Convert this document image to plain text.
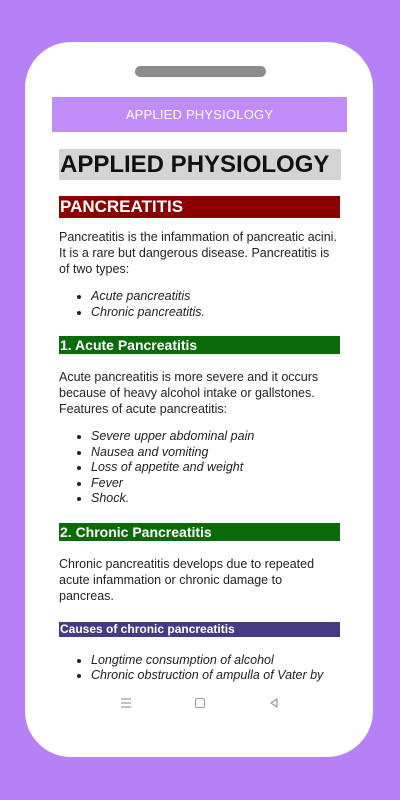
APPLIED PHYSIOLOGY
APPLIED PHYSIOLOGY
PANCREATITIS

Pancreatitis is the infammation of pancreatic acini. It is a rare but dangerous disease. Pancreatitis is of two types:

• Acute pancreatitis
• Chronic pancreatitis.
1. Acute Pancreatitis

Acute pancreatitis is more severe and it occurs because of heavy alcohol intake or gallstones. Features of acute pancreatitis:

• Severe upper abdominal pain
• Nausea and vomiting
• Loss of appetite and weight
• Fever
• Shock.
2. Chronic Pancreatitis

Chronic pancreatitis develops due to repeated acute infammation or chronic damage to pancreas.

Causes of chronic pancreatitis
• Longtime consumption of alcohol
• Chronic obstruction of ampulla of Vater by
